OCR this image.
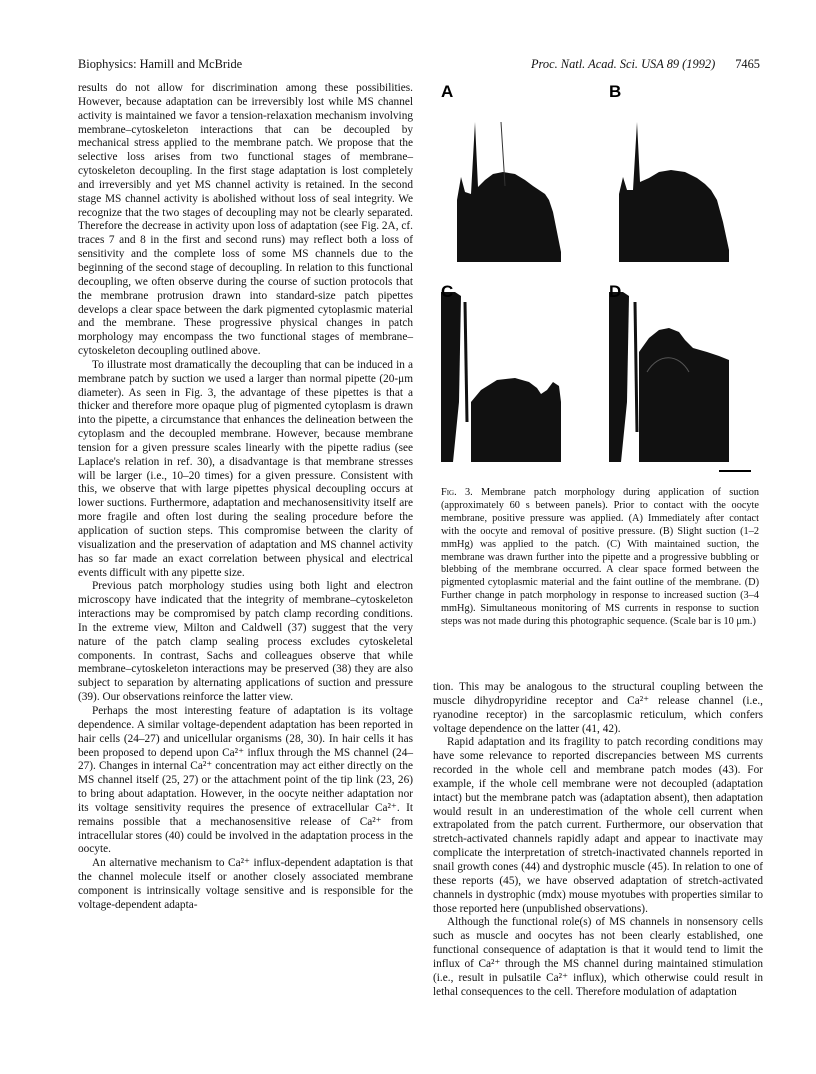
Biophysics: Hamill and McBride	Proc. Natl. Acad. Sci. USA 89 (1992) 7465

results do not allow for discrimination among these possibilities. However, because adaptation can be irreversibly lost while MS channel activity is maintained we favor a tension-relaxation mechanism involving membrane–cytoskeleton interactions that can be decoupled by mechanical stress applied to the membrane patch. We propose that the selective loss arises from two functional stages of membrane–cytoskeleton decoupling. In the first stage adaptation is lost completely and irreversibly and yet MS channel activity is retained. In the second stage MS channel activity is abolished without loss of seal integrity. We recognize that the two stages of decoupling may not be clearly separated. Therefore the decrease in activity upon loss of adaptation (see Fig. 2A, cf. traces 7 and 8 in the first and second runs) may reflect both a loss of sensitivity and the complete loss of some MS channels due to the beginning of the second stage of decoupling. In relation to this functional decoupling, we often observe during the course of suction protocols that the membrane protrusion drawn into standard-size patch pipettes develops a clear space between the dark pigmented cytoplasmic material and the membrane. These progressive physical changes in patch morphology may encompass the two functional stages of membrane–cytoskeleton decoupling outlined above.

To illustrate most dramatically the decoupling that can be induced in a membrane patch by suction we used a larger than normal pipette (20-μm diameter). As seen in Fig. 3, the advantage of these pipettes is that a thicker and therefore more opaque plug of pigmented cytoplasm is drawn into the pipette, a circumstance that enhances the delineation between the cytoplasm and the decoupled membrane. However, because membrane tension for a given pressure scales linearly with the pipette radius (see Laplace's relation in ref. 30), a disadvantage is that membrane stresses will be larger (i.e., 10–20 times) for a given pressure. Consistent with this, we observe that with large pipettes physical decoupling occurs at lower suctions. Furthermore, adaptation and mechanosensitivity itself are more fragile and often lost during the sealing procedure before the application of suction steps. This compromise between the clarity of visualization and the preservation of adaptation and MS channel activity has so far made an exact correlation between physical and electrical events difficult with any pipette size.

Previous patch morphology studies using both light and electron microscopy have indicated that the integrity of membrane–cytoskeleton interactions may be compromised by patch clamp recording conditions. In the extreme view, Milton and Caldwell (37) suggest that the very nature of the patch clamp sealing process excludes cytoskeletal components. In contrast, Sachs and colleagues observe that while membrane–cytoskeleton interactions may be preserved (38) they are also subject to separation by alternating applications of suction and pressure (39). Our observations reinforce the latter view.

Perhaps the most interesting feature of adaptation is its voltage dependence. A similar voltage-dependent adaptation has been reported in hair cells (24–27) and unicellular organisms (28, 30). In hair cells it has been proposed to depend upon Ca²⁺ influx through the MS channel (24–27). Changes in internal Ca²⁺ concentration may act either directly on the MS channel itself (25, 27) or the attachment point of the tip link (23, 26) to bring about adaptation. However, in the oocyte neither adaptation nor its voltage sensitivity requires the presence of extracellular Ca²⁺. It remains possible that a mechanosensitive release of Ca²⁺ from intracellular stores (40) could be involved in the adaptation process in the oocyte.

An alternative mechanism to Ca²⁺ influx-dependent adaptation is that the channel molecule itself or another closely associated membrane component is intrinsically voltage sensitive and is responsible for the voltage-dependent adapta-

A	B
C	D
Fig. 3. Membrane patch morphology during application of suction (approximately 60 s between panels). Prior to contact with the oocyte membrane, positive pressure was applied. (A) Immediately after contact with the oocyte and removal of positive pressure. (B) Slight suction (1–2 mmHg) was applied to the patch. (C) With maintained suction, the membrane was drawn further into the pipette and a progressive bubbling or blebbing of the membrane occurred. A clear space formed between the pigmented cytoplasmic material and the faint outline of the membrane. (D) Further change in patch morphology in response to increased suction (3–4 mmHg). Simultaneous monitoring of MS currents in response to suction steps was not made during this photographic sequence. (Scale bar is 10 μm.)

tion. This may be analogous to the structural coupling between the muscle dihydropyridine receptor and Ca²⁺ release channel (i.e., ryanodine receptor) in the sarcoplasmic reticulum, which confers voltage dependence on the latter (41, 42).

Rapid adaptation and its fragility to patch recording conditions may have some relevance to reported discrepancies between MS currents recorded in the whole cell and membrane patch modes (43). For example, if the whole cell membrane were not decoupled (adaptation intact) but the membrane patch was (adaptation absent), then adaptation would result in an underestimation of the whole cell current when extrapolated from the patch current. Furthermore, our observation that stretch-activated channels rapidly adapt and appear to inactivate may complicate the interpretation of stretch-inactivated channels reported in snail growth cones (44) and dystrophic muscle (45). In relation to one of these reports (45), we have observed adaptation of stretch-activated channels in dystrophic (mdx) mouse myotubes with properties similar to those reported here (unpublished observations).

Although the functional role(s) of MS channels in nonsensory cells such as muscle and oocytes has not been clearly established, one functional consequence of adaptation is that it would tend to limit the influx of Ca²⁺ through the MS channel during maintained stimulation (i.e., result in pulsatile Ca²⁺ influx), which otherwise could result in lethal consequences to the cell. Therefore modulation of adaptation
